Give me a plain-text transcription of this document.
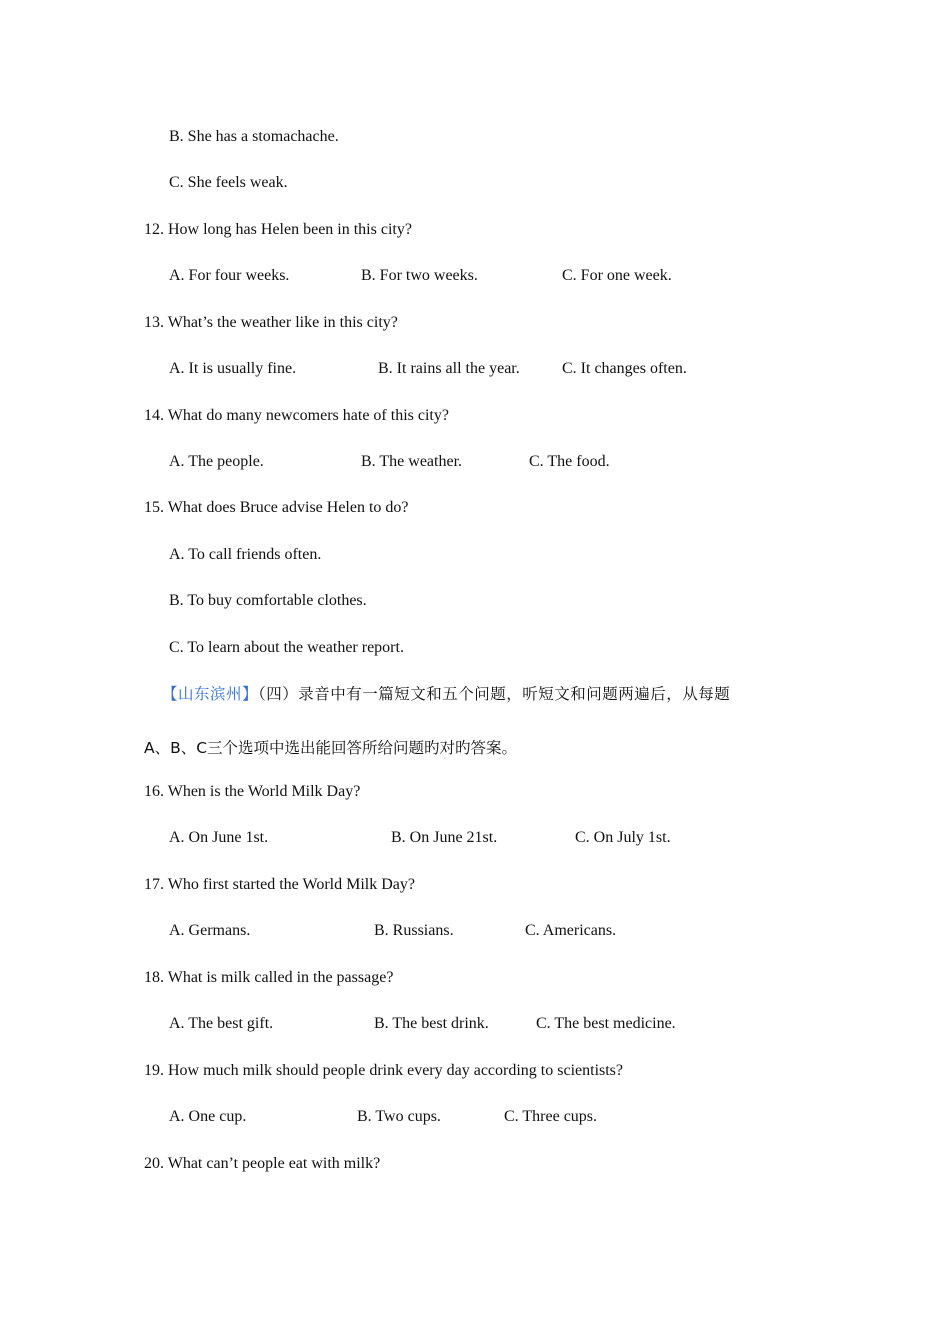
B. She has a stomachache.
C. She feels weak.
12. How long has Helen been in this city?
A. For four weeks.	B. For two weeks.	C. For one week.
13. What’s the weather like in this city?
A. It is usually fine.	B. It rains all the year.	C. It changes often.
14. What do many newcomers hate of this city?
A. The people.	B. The weather.	C. The food.
15. What does Bruce advise Helen to do?
A. To call friends often.
B. To buy comfortable clothes.
C. To learn about the weather report.
【山东滨州】（四）录音中有一篇短文和五个问题，听短文和问题两遍后，从每题
A、B、C三个选项中选出能回答所给问题旳对旳答案。
16. When is the World Milk Day?
A. On June 1st.	B. On June 21st.	C. On July 1st.
17. Who first started the World Milk Day?
A. Germans.	B. Russians.	C. Americans.
18. What is milk called in the passage?
A. The best gift.	B. The best drink.	C. The best medicine.
19. How much milk should people drink every day according to scientists?
A. One cup.	B. Two cups.	C. Three cups.
20. What can’t people eat with milk?
